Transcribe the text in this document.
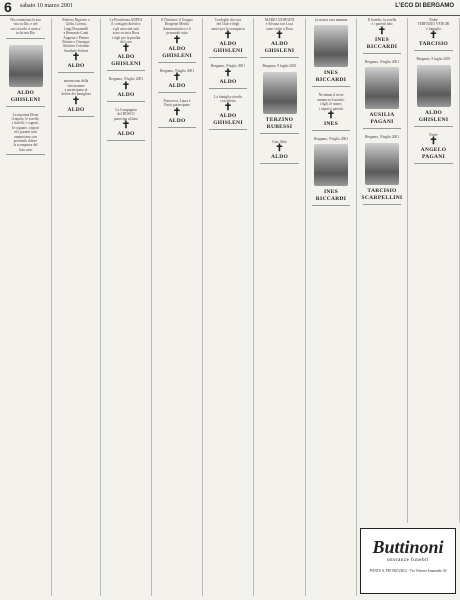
6 sabato 10 marzo 2001	L'ECO DI BERGAMO
Ha cominciato la sua
vita in Dio, e nel
suo ricordo ci unisce
in lui ma Dio
ALDO GHISLENI
La nipotina Elena
il nipote, le sorelle,
i fratelli, i cognati,
le cognate, i nipoti
ed i parenti tutti
annunciano con
profondo dolore
la scomparsa del
loro caro
Roberta Bigiovio e
Gilda, Lorena,
Luigi Bossamelli
e Bernardo Conti
Augusta e Pierina
Bosino e Giuseppe
Ghisleni Colombo
Annibale Schiavi
✝
ALDO
annunciano della
vita insieme
e partecipano al
dolore dei famigliari
✝
ALDO
La Presidenza ANPEA
il consiglio direttivo
e gli associati tutti
sono vicini a Rosa
e figli per la perdita
del caro
✝
ALDO GHISLENI
Bergamo, 9 luglio 2001
✝
ALDO
La Compagnia
del BOSCO
partecipa al lutto
✝
ALDO
Il Direttore, il Gruppo
Dirigente Medici
Amministrativo e il
personale tutto
✝
ALDO GHISLENI
Bergamo, 9 luglio 2001
✝
ALDO
Francesca, Laura e
Paolo partecipano
✝
ALDO
Cordoglio dei soci
del Club e degli
amici per la scomparsa
✝
ALDO GHISLENI
Bergamo, 9 luglio 2001
✝
ALDO
La famiglia ricorda
con affetto
✝
ALDO GHISLENI
MARIO GIORGINI
e Silvana con Luca
sono vicini a Rosa
✝
ALDO GHISLENI
Bergamo, 9 luglio 2001
TERZINO RUBESSI
Ciao Aldo
✝
ALDO
La nostra cara mamma
INES RICCARDI
Ne danno il triste
annuncio il marito,
i figli, le nuore,
i nipoti e parenti
✝
INES
Bergamo, 9 luglio 2001
INES RICCARDI
Il fratello, la sorella
e i parenti tutti
✝
INES RICCARDI
Bergamo, 8 luglio 2001
AUSILIA PAGANI
Bergamo, 9 luglio 2001
TARCISIO SCARPELLINI
Padre
TERENZIO VENCHI
e famiglia
✝
TARCISIO
Bergamo, 9 luglio 2001
ALDO GHISLENI
Padre
✝
ANGELO PAGANI
Buttinoni
onoranze funebri
PONTE S. PIETRO (BG) - Via Vittorio Emanuele 30
